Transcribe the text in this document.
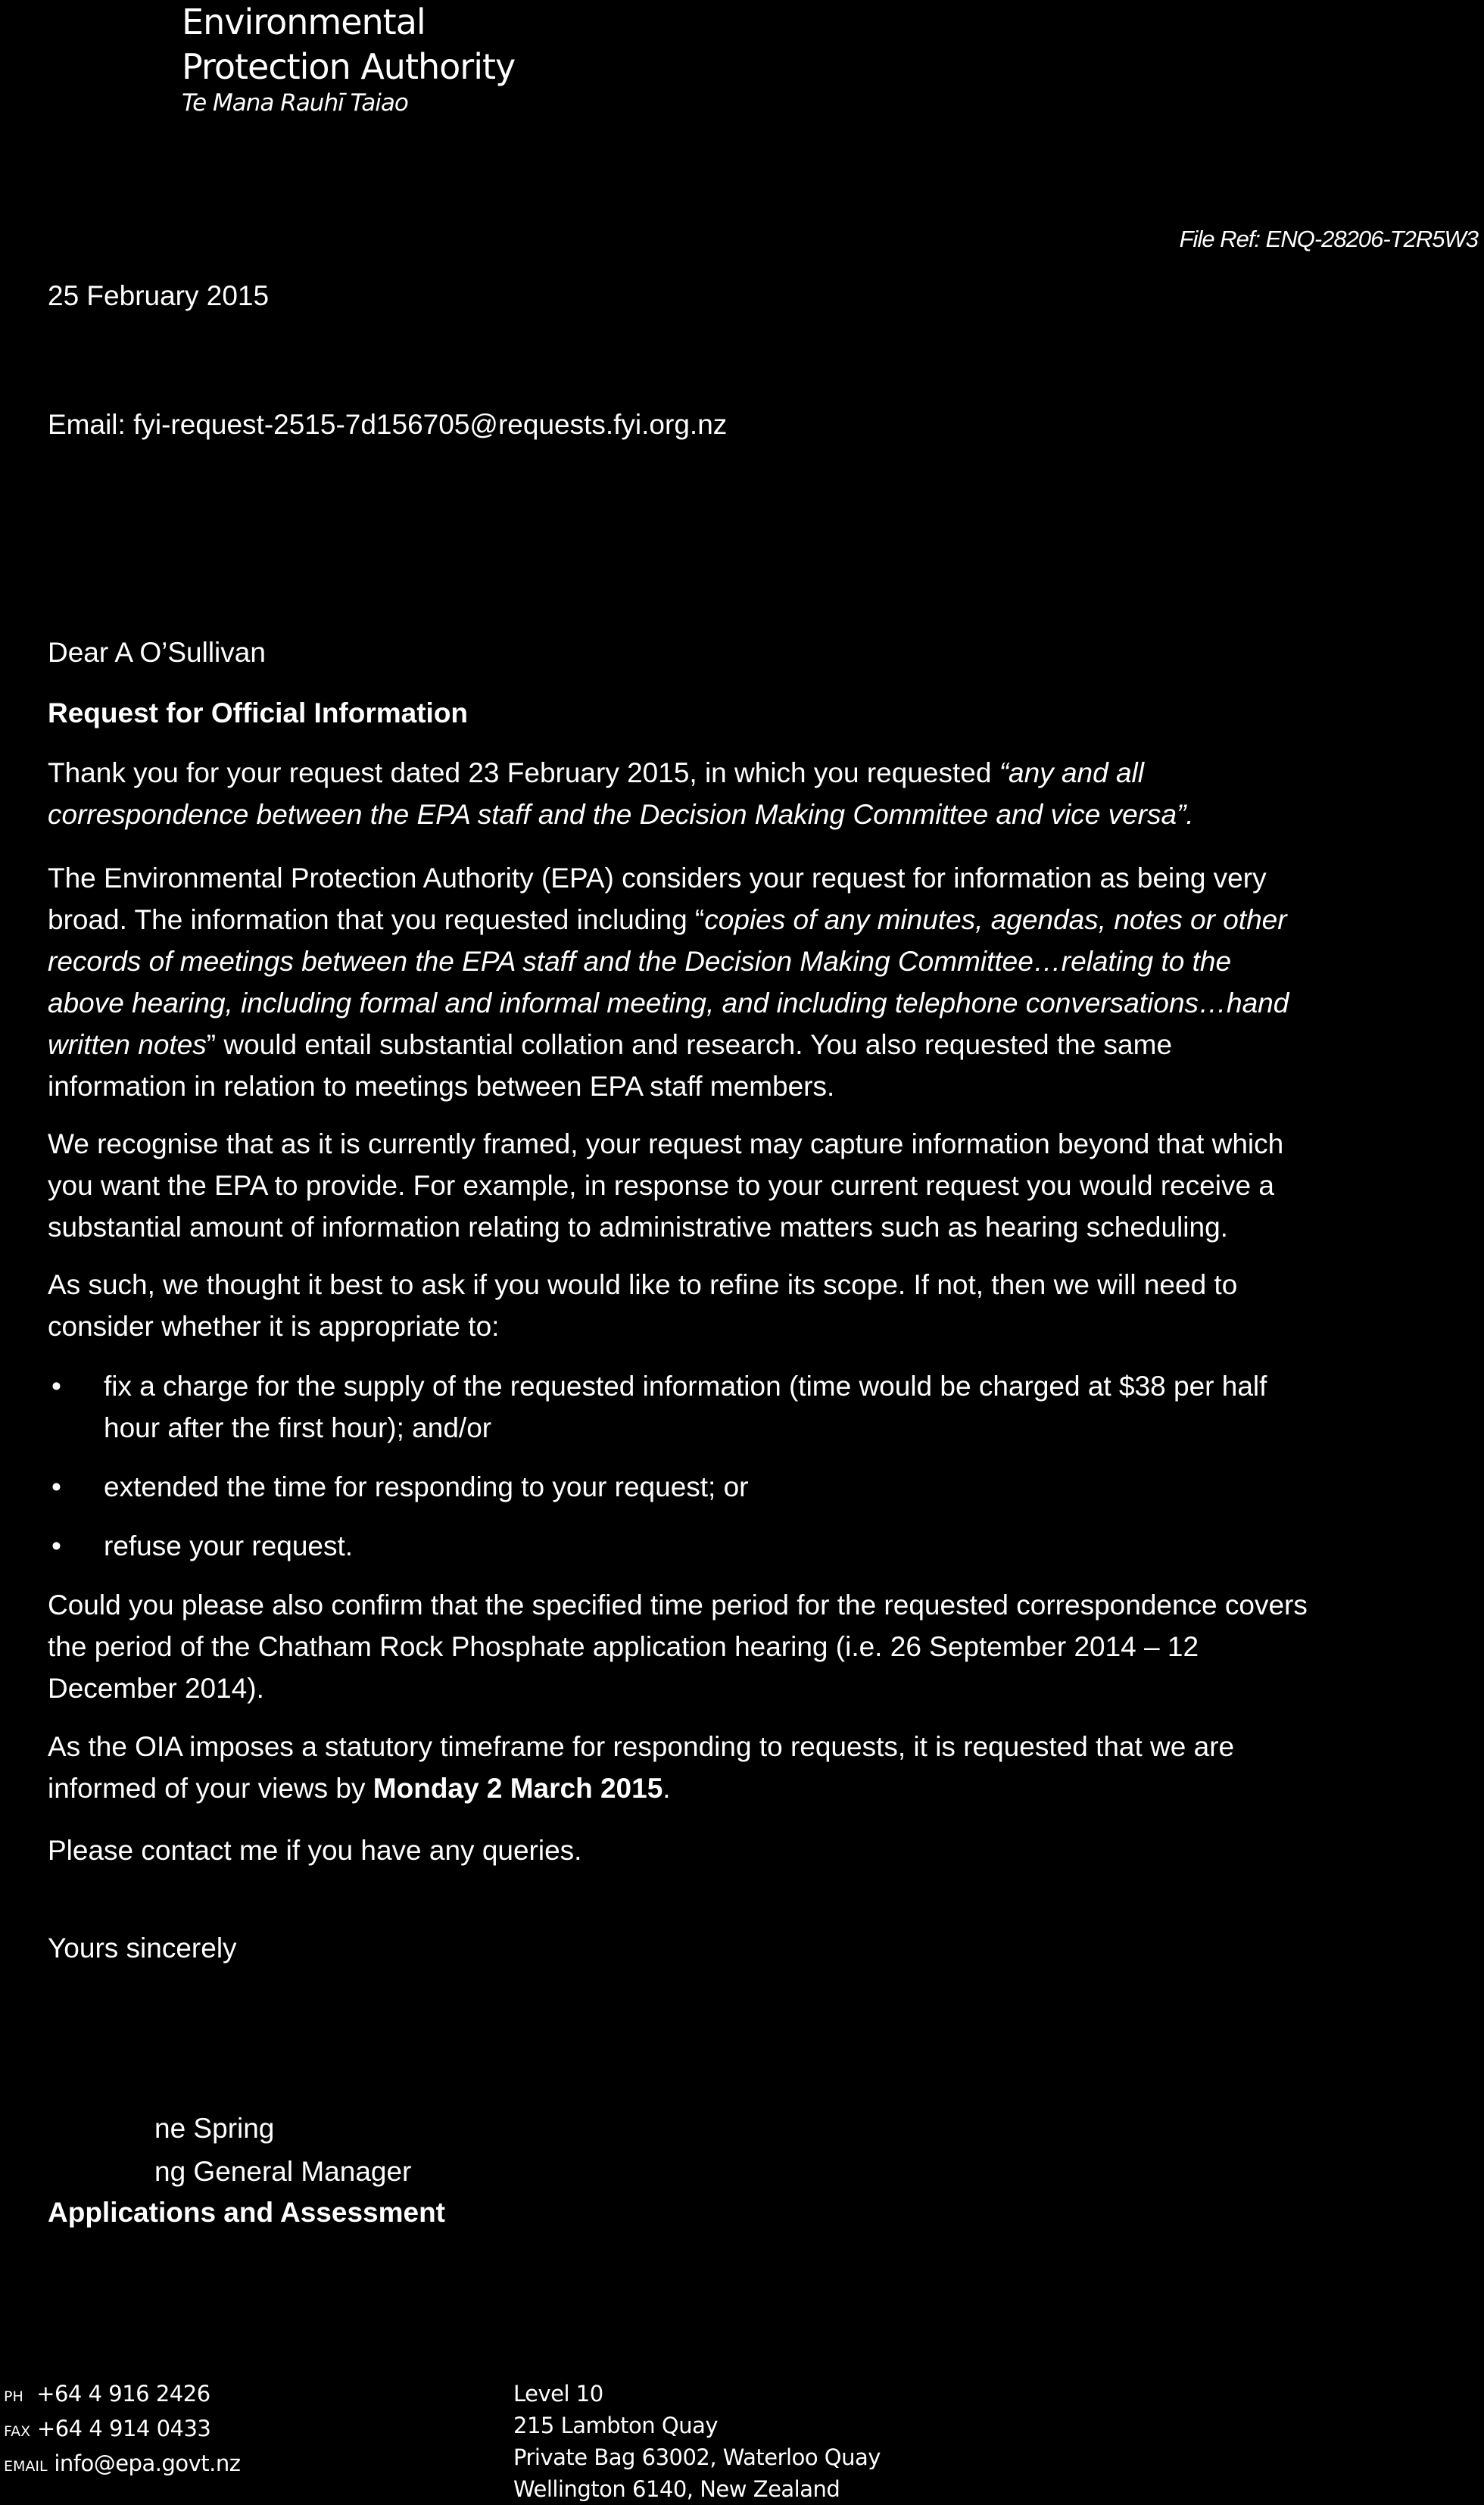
Environmental
Protection Authority
Te Mana Rauhī Taiao
File Ref: ENQ-28206-T2R5W3
25 February 2015
Email: fyi-request-2515-7d156705@requests.fyi.org.nz
Dear A O’Sullivan
Request for Official Information
Thank you for your request dated 23 February 2015, in which you requested “any and all
correspondence between the EPA staff and the Decision Making Committee and vice versa”.
The Environmental Protection Authority (EPA) considers your request for information as being very
broad. The information that you requested including “copies of any minutes, agendas, notes or other
records of meetings between the EPA staff and the Decision Making Committee…relating to the
above hearing, including formal and informal meeting, and including telephone conversations…hand
written notes” would entail substantial collation and research. You also requested the same
information in relation to meetings between EPA staff members.
We recognise that as it is currently framed, your request may capture information beyond that which
you want the EPA to provide. For example, in response to your current request you would receive a
substantial amount of information relating to administrative matters such as hearing scheduling.
As such, we thought it best to ask if you would like to refine its scope. If not, then we will need to
consider whether it is appropriate to:
• fix a charge for the supply of the requested information (time would be charged at $38 per half
hour after the first hour); and/or
• extended the time for responding to your request; or
• refuse your request.
Could you please also confirm that the specified time period for the requested correspondence covers
the period of the Chatham Rock Phosphate application hearing (i.e. 26 September 2014 – 12
December 2014).
As the OIA imposes a statutory timeframe for responding to requests, it is requested that we are
informed of your views by Monday 2 March 2015.
Please contact me if you have any queries.
Yours sincerely
ne Spring
ng General Manager
Applications and Assessment
PH +64 4 916 2426
FAX +64 4 914 0433
EMAIL info@epa.govt.nz
Level 10
215 Lambton Quay
Private Bag 63002, Waterloo Quay
Wellington 6140, New Zealand
